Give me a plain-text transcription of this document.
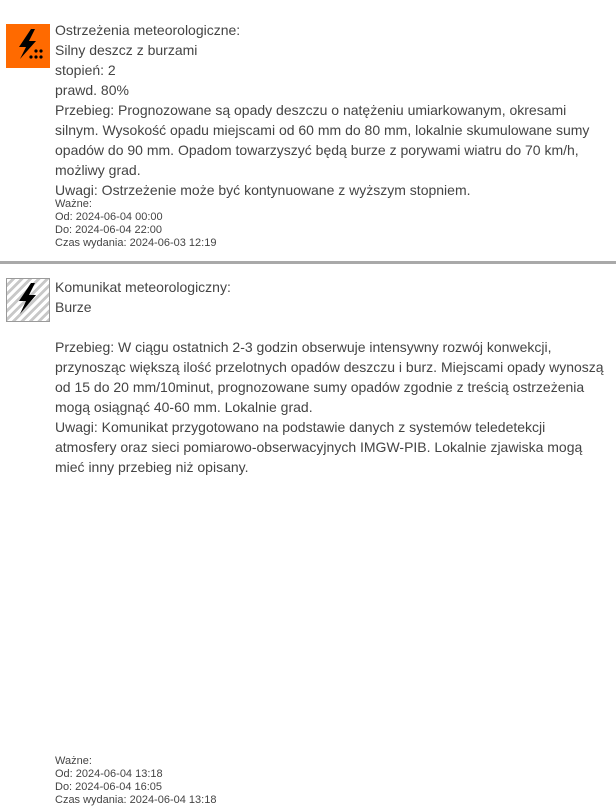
Ostrzeżenia meteorologiczne:
Silny deszcz z burzami
stopień: 2
prawd. 80%
Przebieg: Prognozowane są opady deszczu o natężeniu umiarkowanym, okresami silnym. Wysokość opadu miejscami od 60 mm do 80 mm, lokalnie skumulowane sumy opadów do 90 mm. Opadom towarzyszyć będą burze z porywami wiatru do 70 km/h, możliwy grad.
Uwagi: Ostrzeżenie może być kontynuowane z wyższym stopniem.
Ważne:
Od: 2024-06-04 00:00
Do: 2024-06-04 22:00
Czas wydania: 2024-06-03 12:19
Komunikat meteorologiczny:
Burze
Przebieg: W ciągu ostatnich 2-3 godzin obserwuje intensywny rozwój konwekcji, przynosząc większą ilość przelotnych opadów deszczu i burz. Miejscami opady wynoszą od 15 do 20 mm/10minut, prognozowane sumy opadów zgodnie z treścią ostrzeżenia mogą osiągnąć 40-60 mm. Lokalnie grad.
Uwagi: Komunikat przygotowano na podstawie danych z systemów teledetekcji atmosfery oraz sieci pomiarowo-obserwacyjnych IMGW-PIB. Lokalnie zjawiska mogą mieć inny przebieg niż opisany.
Ważne:
Od: 2024-06-04 13:18
Do: 2024-06-04 16:05
Czas wydania: 2024-06-04 13:18
